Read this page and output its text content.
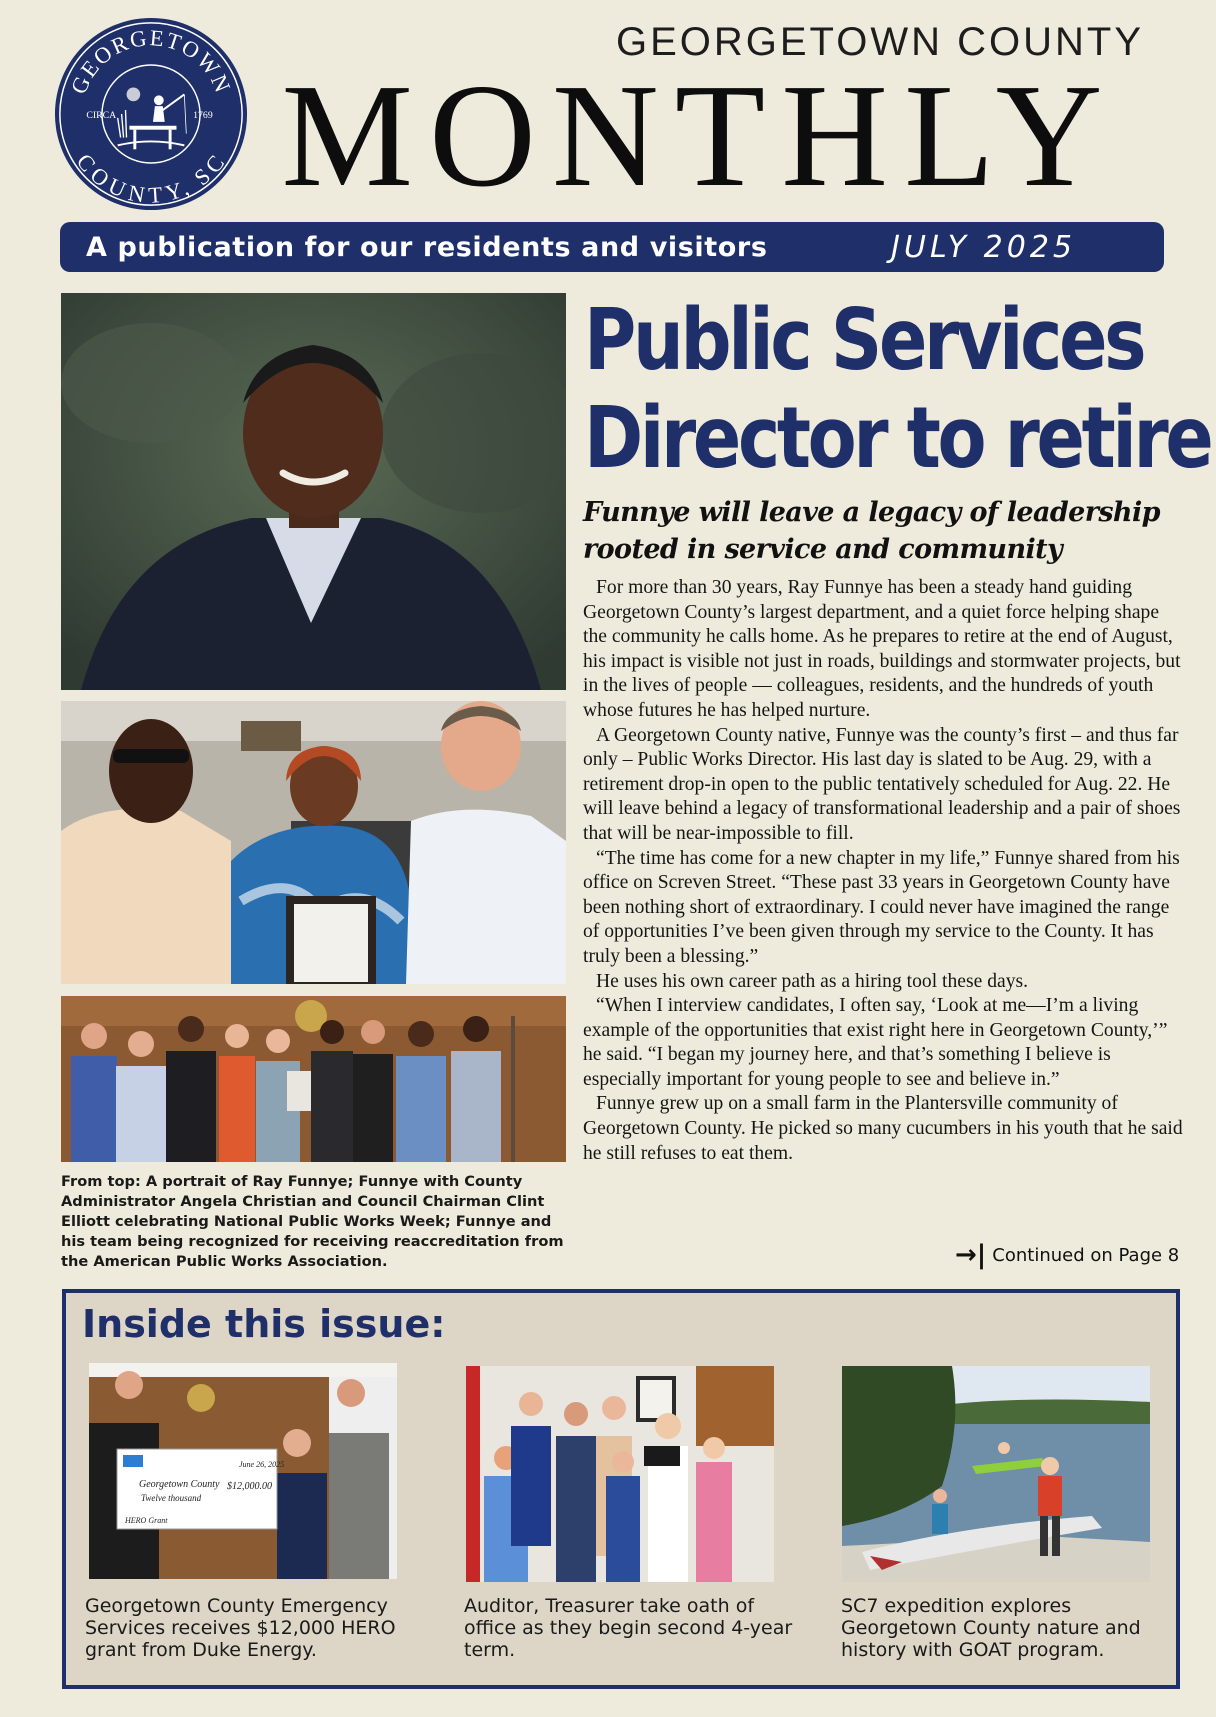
GEORGETOWN
COUNTY, SC
CIRCA	1769
GEORGETOWN COUNTY
MONTHLY
A publication for our residents and visitors	JULY 2025
From top: A portrait of Ray Funnye; Funnye with County Administrator Angela Christian and Council Chairman Clint Elliott celebrating National Public Works Week; Funnye and his team being recognized for receiving reaccreditation from the American Public Works Association.
Public Services
Director to retire
Funnye will leave a legacy of leadership rooted in service and community

For more than 30 years, Ray Funnye has been a steady hand guiding Georgetown County’s largest department, and a quiet force helping shape the community he calls home. As he prepares to retire at the end of August, his impact is visible not just in roads, buildings and stormwater projects, but in the lives of people — colleagues, residents, and the hundreds of youth whose futures he has helped nurture.

A Georgetown County native, Funnye was the county’s first – and thus far only – Public Works Director. His last day is slated to be Aug. 29, with a retirement drop-in open to the public tentatively scheduled for Aug. 22. He will leave behind a legacy of transformational leadership and a pair of shoes that will be near-impossible to fill.

“The time has come for a new chapter in my life,” Funnye shared from his office on Screven Street. “These past 33 years in Georgetown County have been nothing short of extraordinary. I could never have imagined the range of opportunities I’ve been given through my service to the County. It has truly been a blessing.”

He uses his own career path as a hiring tool these days.

“When I interview candidates, I often say, ‘Look at me—I’m a living example of the opportunities that exist right here in Georgetown County,’” he said. “I began my journey here, and that’s something I believe is especially important for young people to see and believe in.”

Funnye grew up on a small farm in the Plantersville community of Georgetown County. He picked so many cucumbers in his youth that he said he still refuses to eat them.

→| Continued on Page 8
Inside this issue:
June 26, 2025
Georgetown County $12,000.00
Twelve thousand
HERO Grant
Georgetown County Emergency Services receives $12,000 HERO grant from Duke Energy.
Auditor, Treasurer take oath of office as they begin second 4-year term.
SC7 expedition explores Georgetown County nature and history with GOAT program.
